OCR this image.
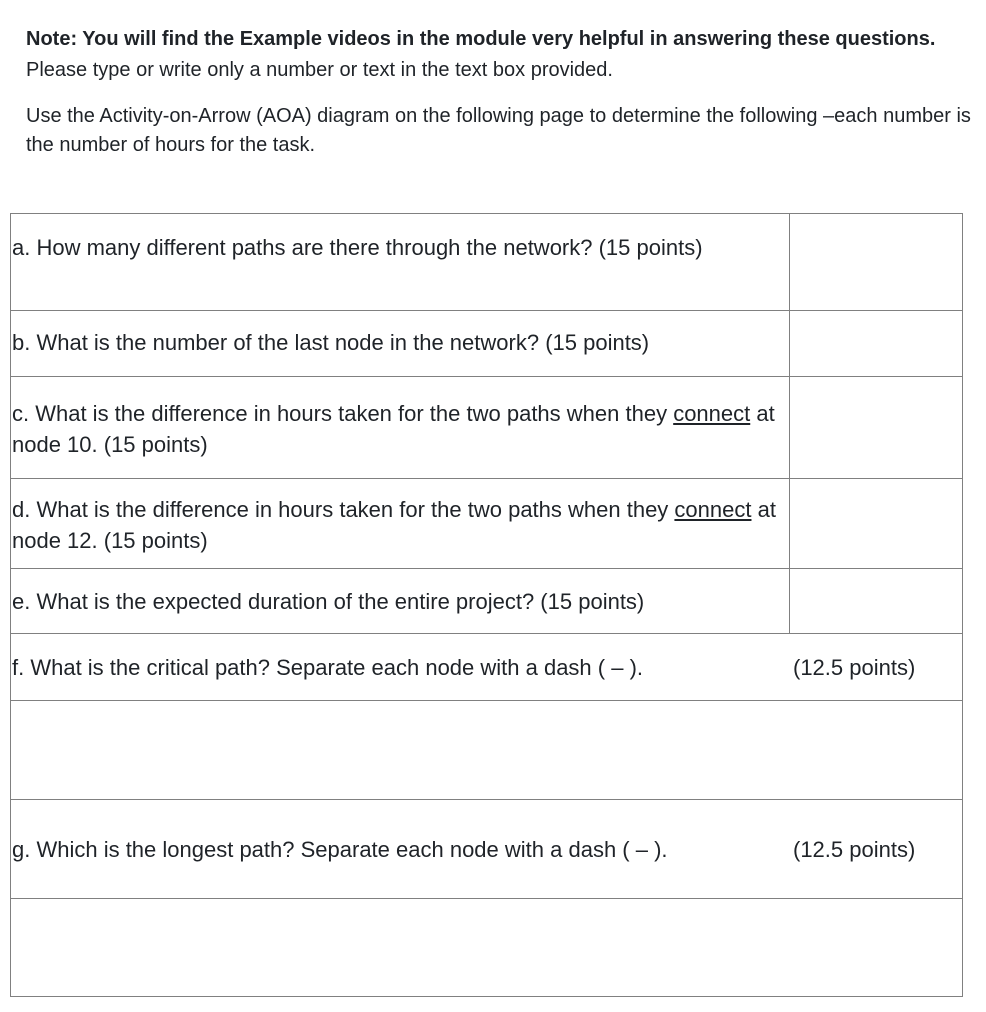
Note: You will find the Example videos in the module very helpful in answering these questions. Please type or write only a number or text in the text box provided.
Use the Activity-on-Arrow (AOA) diagram on the following page to determine the following –each number is the number of hours for the task.
a. How many different paths are there through the network? (15 points)
b. What is the number of the last node in the network? (15 points)
c. What is the difference in hours taken for the two paths when they connect at node 10. (15 points)
d. What is the difference in hours taken for the two paths when they connect at node 12. (15 points)
e. What is the expected duration of the entire project? (15 points)
f. What is the critical path? Separate each node with a dash ( – ).	(12.5 points)
g. Which is the longest path? Separate each node with a dash ( – ).	(12.5 points)
